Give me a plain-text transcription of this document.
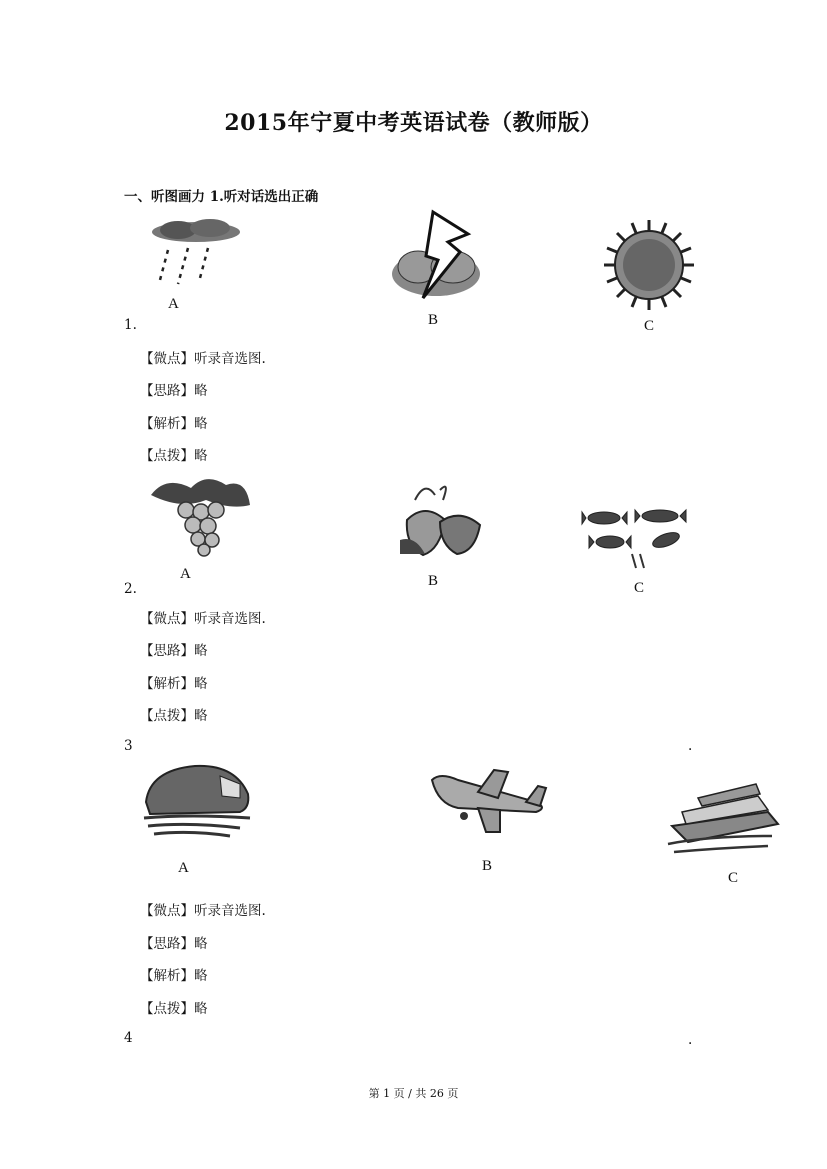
2015年宁夏中考英语试卷（教师版）
一、听图画力 1.听对话选出正确
A
B	C
1.
【微点】听录音选图.
【思路】略
【解析】略
【点拨】略
A	B	C
2.
【微点】听录音选图.
【思路】略
【解析】略
【点拨】略
3	.
A	B
C
【微点】听录音选图.
【思路】略
【解析】略
【点拨】略
4	.
第 1 页 / 共 26 页
